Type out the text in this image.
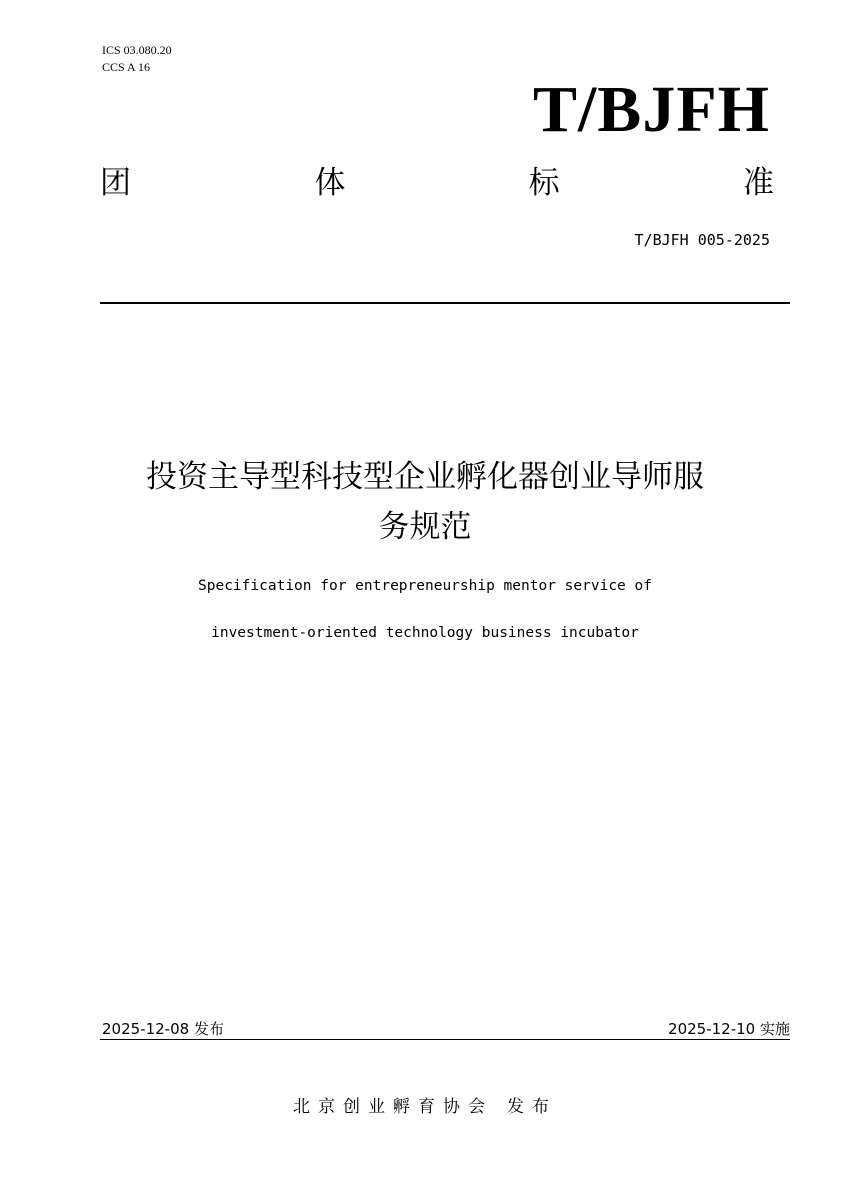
ICS 03.080.20
CCS A 16
T/BJFH
团	体	标	准
T/BJFH 005-2025
投资主导型科技型企业孵化器创业导师服
务规范
Specification for entrepreneurship mentor service of
investment-oriented technology business incubator
2025-12-08 发布	2025-12-10 实施
北京创业孵育协会 发布
